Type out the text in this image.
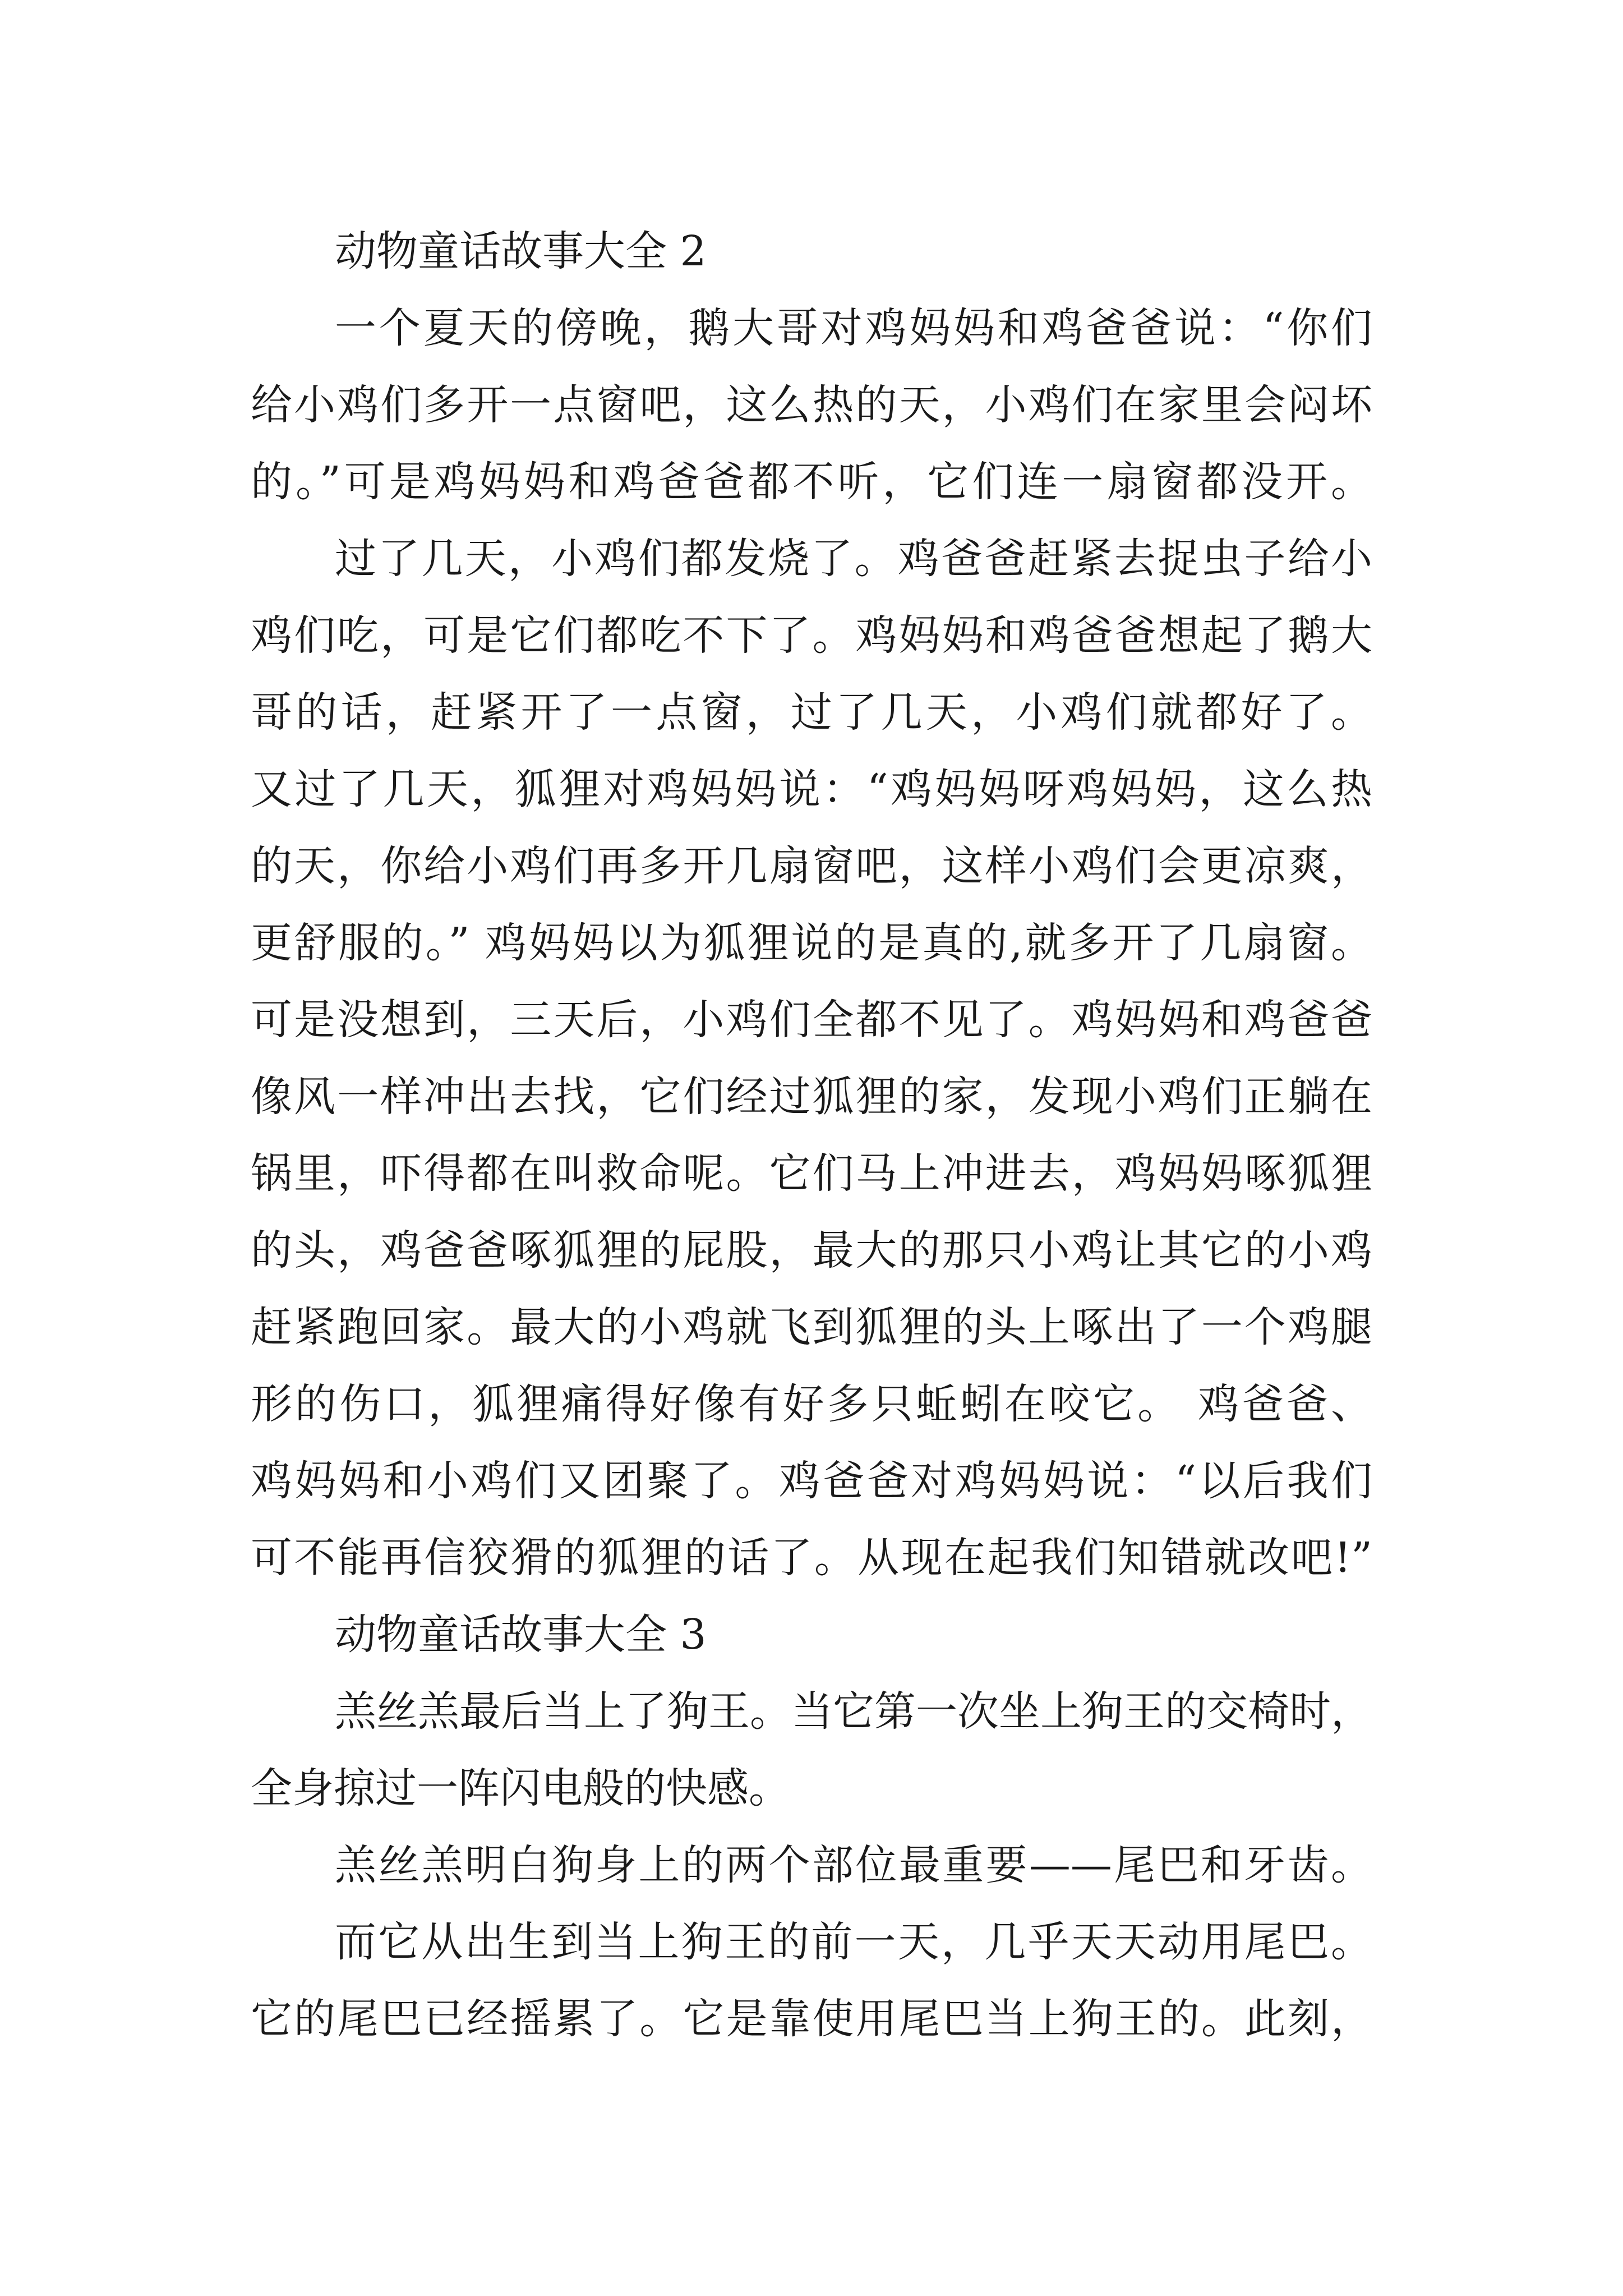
动物童话故事大全 2
一个夏天的傍晚，鹅大哥对鸡妈妈和鸡爸爸说：“你们
给小鸡们多开一点窗吧，这么热的天，小鸡们在家里会闷坏
的。”可是鸡妈妈和鸡爸爸都不听，它们连一扇窗都没开。
过了几天，小鸡们都发烧了。鸡爸爸赶紧去捉虫子给小
鸡们吃，可是它们都吃不下了。鸡妈妈和鸡爸爸想起了鹅大
哥的话，赶紧开了一点窗，过了几天，小鸡们就都好了。
又过了几天，狐狸对鸡妈妈说：“鸡妈妈呀鸡妈妈，这么热
的天，你给小鸡们再多开几扇窗吧，这样小鸡们会更凉爽，
更舒服的。” 鸡妈妈以为狐狸说的是真的,就多开了几扇窗。
可是没想到，三天后，小鸡们全都不见了。鸡妈妈和鸡爸爸
像风一样冲出去找，它们经过狐狸的家，发现小鸡们正躺在
锅里，吓得都在叫救命呢。它们马上冲进去，鸡妈妈啄狐狸
的头，鸡爸爸啄狐狸的屁股，最大的那只小鸡让其它的小鸡
赶紧跑回家。最大的小鸡就飞到狐狸的头上啄出了一个鸡腿
形的伤口，狐狸痛得好像有好多只蚯蚓在咬它。 鸡爸爸、
鸡妈妈和小鸡们又团聚了。鸡爸爸对鸡妈妈说：“以后我们
可不能再信狡猾的狐狸的话了。从现在起我们知错就改吧!”
动物童话故事大全 3
羔丝羔最后当上了狗王。当它第一次坐上狗王的交椅时，
全身掠过一阵闪电般的快感。
羔丝羔明白狗身上的两个部位最重要——尾巴和牙齿。
而它从出生到当上狗王的前一天，几乎天天动用尾巴。
它的尾巴已经摇累了。它是靠使用尾巴当上狗王的。此刻，
